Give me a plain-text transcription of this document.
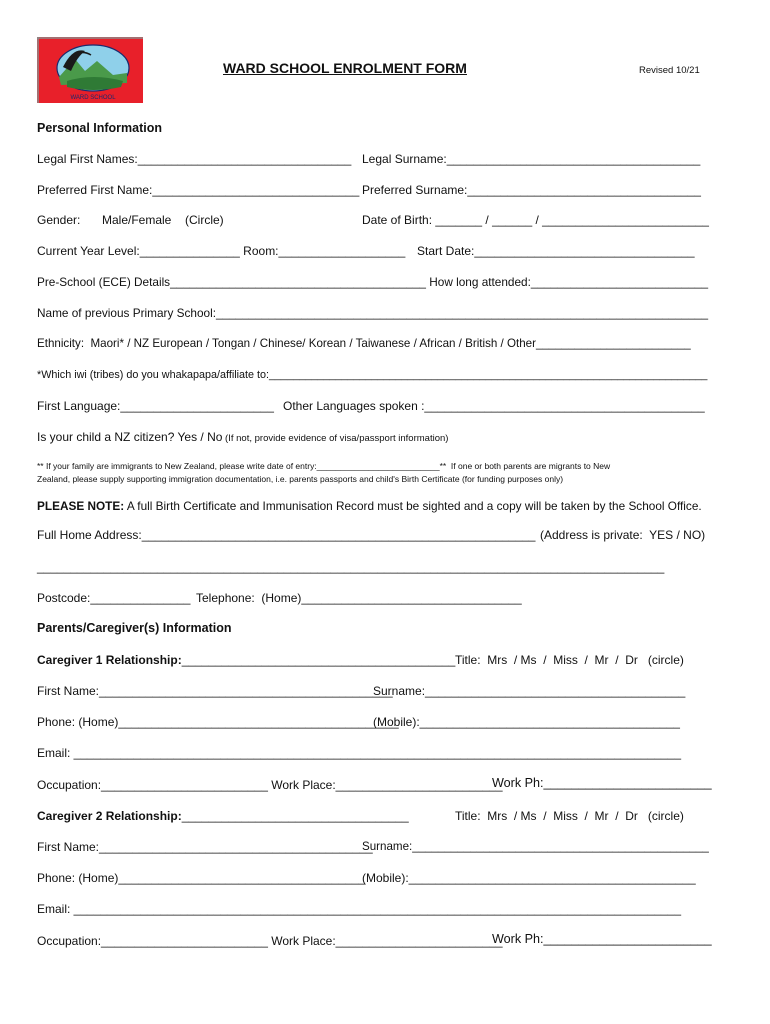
WARD SCHOOL
WARD SCHOOL ENROLMENT FORM	Revised 10/21
Personal Information
Legal First Names:________________________________ Legal Surname:______________________________________
Preferred First Name:_______________________________ Preferred Surname:___________________________________
Gender: Male/Female (Circle)	Date of Birth: _______ / ______ / _________________________
Current Year Level:_______________ Room:___________________ Start Date:_________________________________
Pre-School (ECE) Details_______________________________________ How long attended:___________________________
Name of previous Primary School:___________________________________________________________________________
Ethnicity:  Maori* / NZ European / Tongan / Chinese/ Korean / Taiwanese / African / British / Other________________________
*Which iwi (tribes) do you whakapapa/affiliate to:_________________________________________________________________________
First Language:_______________________ Other Languages spoken :__________________________________________
Is your child a NZ citizen? Yes / No (If not, provide evidence of visa/passport information)
** If your family are immigrants to New Zealand, please write date of entry:__________________________**  If one or both parents are migrants to New
Zealand, please supply supporting immigration documentation, i.e. parents passports and child's Birth Certificate (for funding purposes only)
PLEASE NOTE: A full Birth Certificate and Immunisation Record must be sighted and a copy will be taken by the School Office.
Full Home Address:___________________________________________________________ (Address is private:  YES / NO)
______________________________________________________________________________________________
Postcode:_______________ Telephone:  (Home)_________________________________
Parents/Caregiver(s) Information
Caregiver 1 Relationship:_________________________________________ Title:  Mrs  / Ms  /  Miss  /  Mr  /  Dr   (circle)
First Name:____________________________________________
Surname:_______________________________________
Phone: (Home)__________________________________________
(Mobile):_______________________________________
Email: ___________________________________________________________________________________________
Occupation:_________________________ Work Place:_________________________
Work Ph:________________________
Caregiver 2 Relationship:__________________________________	Title:  Mrs  / Ms  /  Miss  /  Mr  /  Dr   (circle)
First Name:_________________________________________
Surname:______________________________________________
Phone: (Home)_____________________________________
(Mobile):___________________________________________
Email: ___________________________________________________________________________________________
Occupation:_________________________ Work Place:_________________________
Work Ph:________________________
